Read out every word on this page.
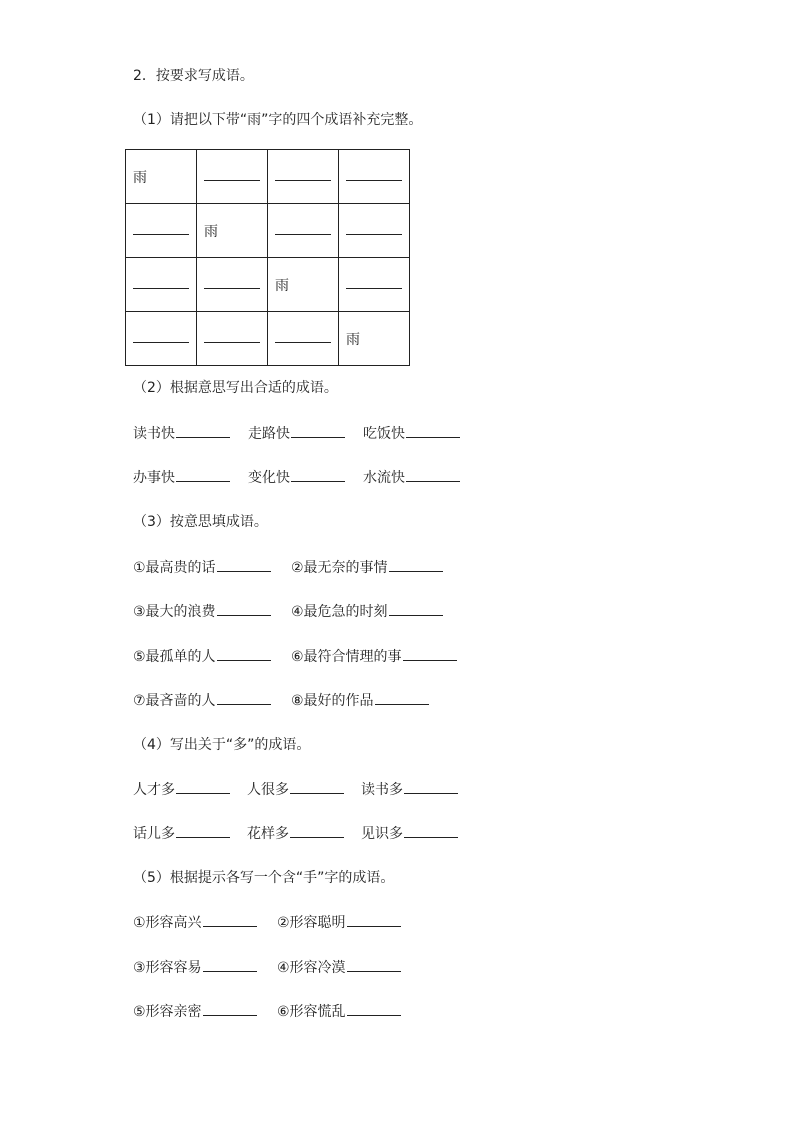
2．按要求写成语。
（1）请把以下带“雨”字的四个成语补充完整。
雨			
	雨		
		雨	
			雨
（2）根据意思写出合适的成语。
读书快	走路快	吃饭快
办事快	变化快	水流快
（3）按意思填成语。
①最高贵的话	②最无奈的事情
③最大的浪费	④最危急的时刻
⑤最孤单的人	⑥最符合情理的事
⑦最吝啬的人	⑧最好的作品
（4）写出关于“多”的成语。
人才多	人很多	读书多
话儿多	花样多	见识多
（5）根据提示各写一个含“手”字的成语。
①形容高兴	②形容聪明
③形容容易	④形容冷漠
⑤形容亲密	⑥形容慌乱
